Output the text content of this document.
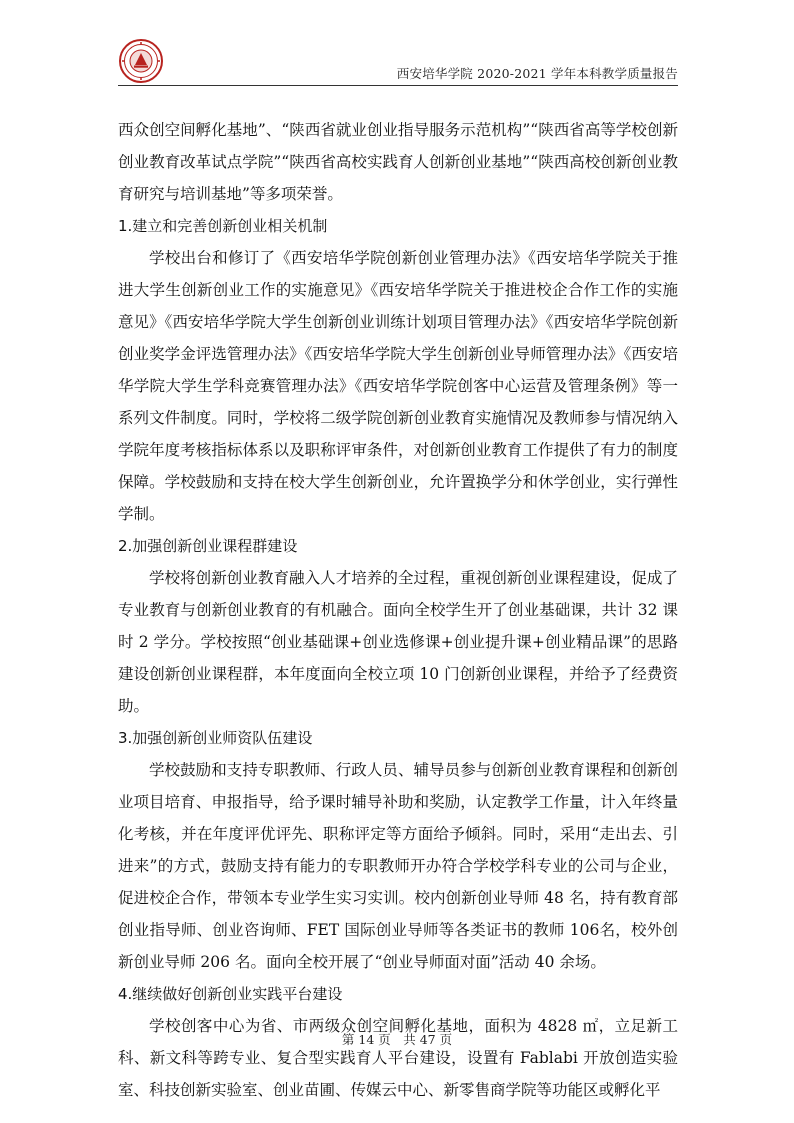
西安培华学院 2020-2021 学年本科教学质量报告

西众创空间孵化基地”、“陕西省就业创业指导服务示范机构”“陕西省高等学校创新创业教育改革试点学院”“陕西省高校实践育人创新创业基地”“陕西高校创新创业教育研究与培训基地”等多项荣誉。

1.建立和完善创新创业相关机制

学校出台和修订了《西安培华学院创新创业管理办法》《西安培华学院关于推进大学生创新创业工作的实施意见》《西安培华学院关于推进校企合作工作的实施意见》《西安培华学院大学生创新创业训练计划项目管理办法》《西安培华学院创新创业奖学金评选管理办法》《西安培华学院大学生创新创业导师管理办法》《西安培华学院大学生学科竞赛管理办法》《西安培华学院创客中心运营及管理条例》等一系列文件制度。同时，学校将二级学院创新创业教育实施情况及教师参与情况纳入学院年度考核指标体系以及职称评审条件，对创新创业教育工作提供了有力的制度保障。学校鼓励和支持在校大学生创新创业，允许置换学分和休学创业，实行弹性学制。

2.加强创新创业课程群建设

学校将创新创业教育融入人才培养的全过程，重视创新创业课程建设，促成了专业教育与创新创业教育的有机融合。面向全校学生开了创业基础课，共计 32 课时 2 学分。学校按照“创业基础课+创业选修课+创业提升课+创业精品课”的思路建设创新创业课程群，本年度面向全校立项 10 门创新创业课程，并给予了经费资助。

3.加强创新创业师资队伍建设

学校鼓励和支持专职教师、行政人员、辅导员参与创新创业教育课程和创新创业项目培育、申报指导，给予课时辅导补助和奖励，认定教学工作量，计入年终量化考核，并在年度评优评先、职称评定等方面给予倾斜。同时，采用“走出去、引进来”的方式，鼓励支持有能力的专职教师开办符合学校学科专业的公司与企业，促进校企合作，带领本专业学生实习实训。校内创新创业导师 48 名，持有教育部创业指导师、创业咨询师、FET 国际创业导师等各类证书的教师 106名，校外创新创业导师 206 名。面向全校开展了“创业导师面对面”活动 40 余场。

4.继续做好创新创业实践平台建设

学校创客中心为省、市两级众创空间孵化基地，面积为 4828 ㎡，立足新工科、新文科等跨专业、复合型实践育人平台建设，设置有 Fablabi 开放创造实验室、科技创新实验室、创业苗圃、传媒云中心、新零售商学院等功能区或孵化平

第 14 页　共 47 页
